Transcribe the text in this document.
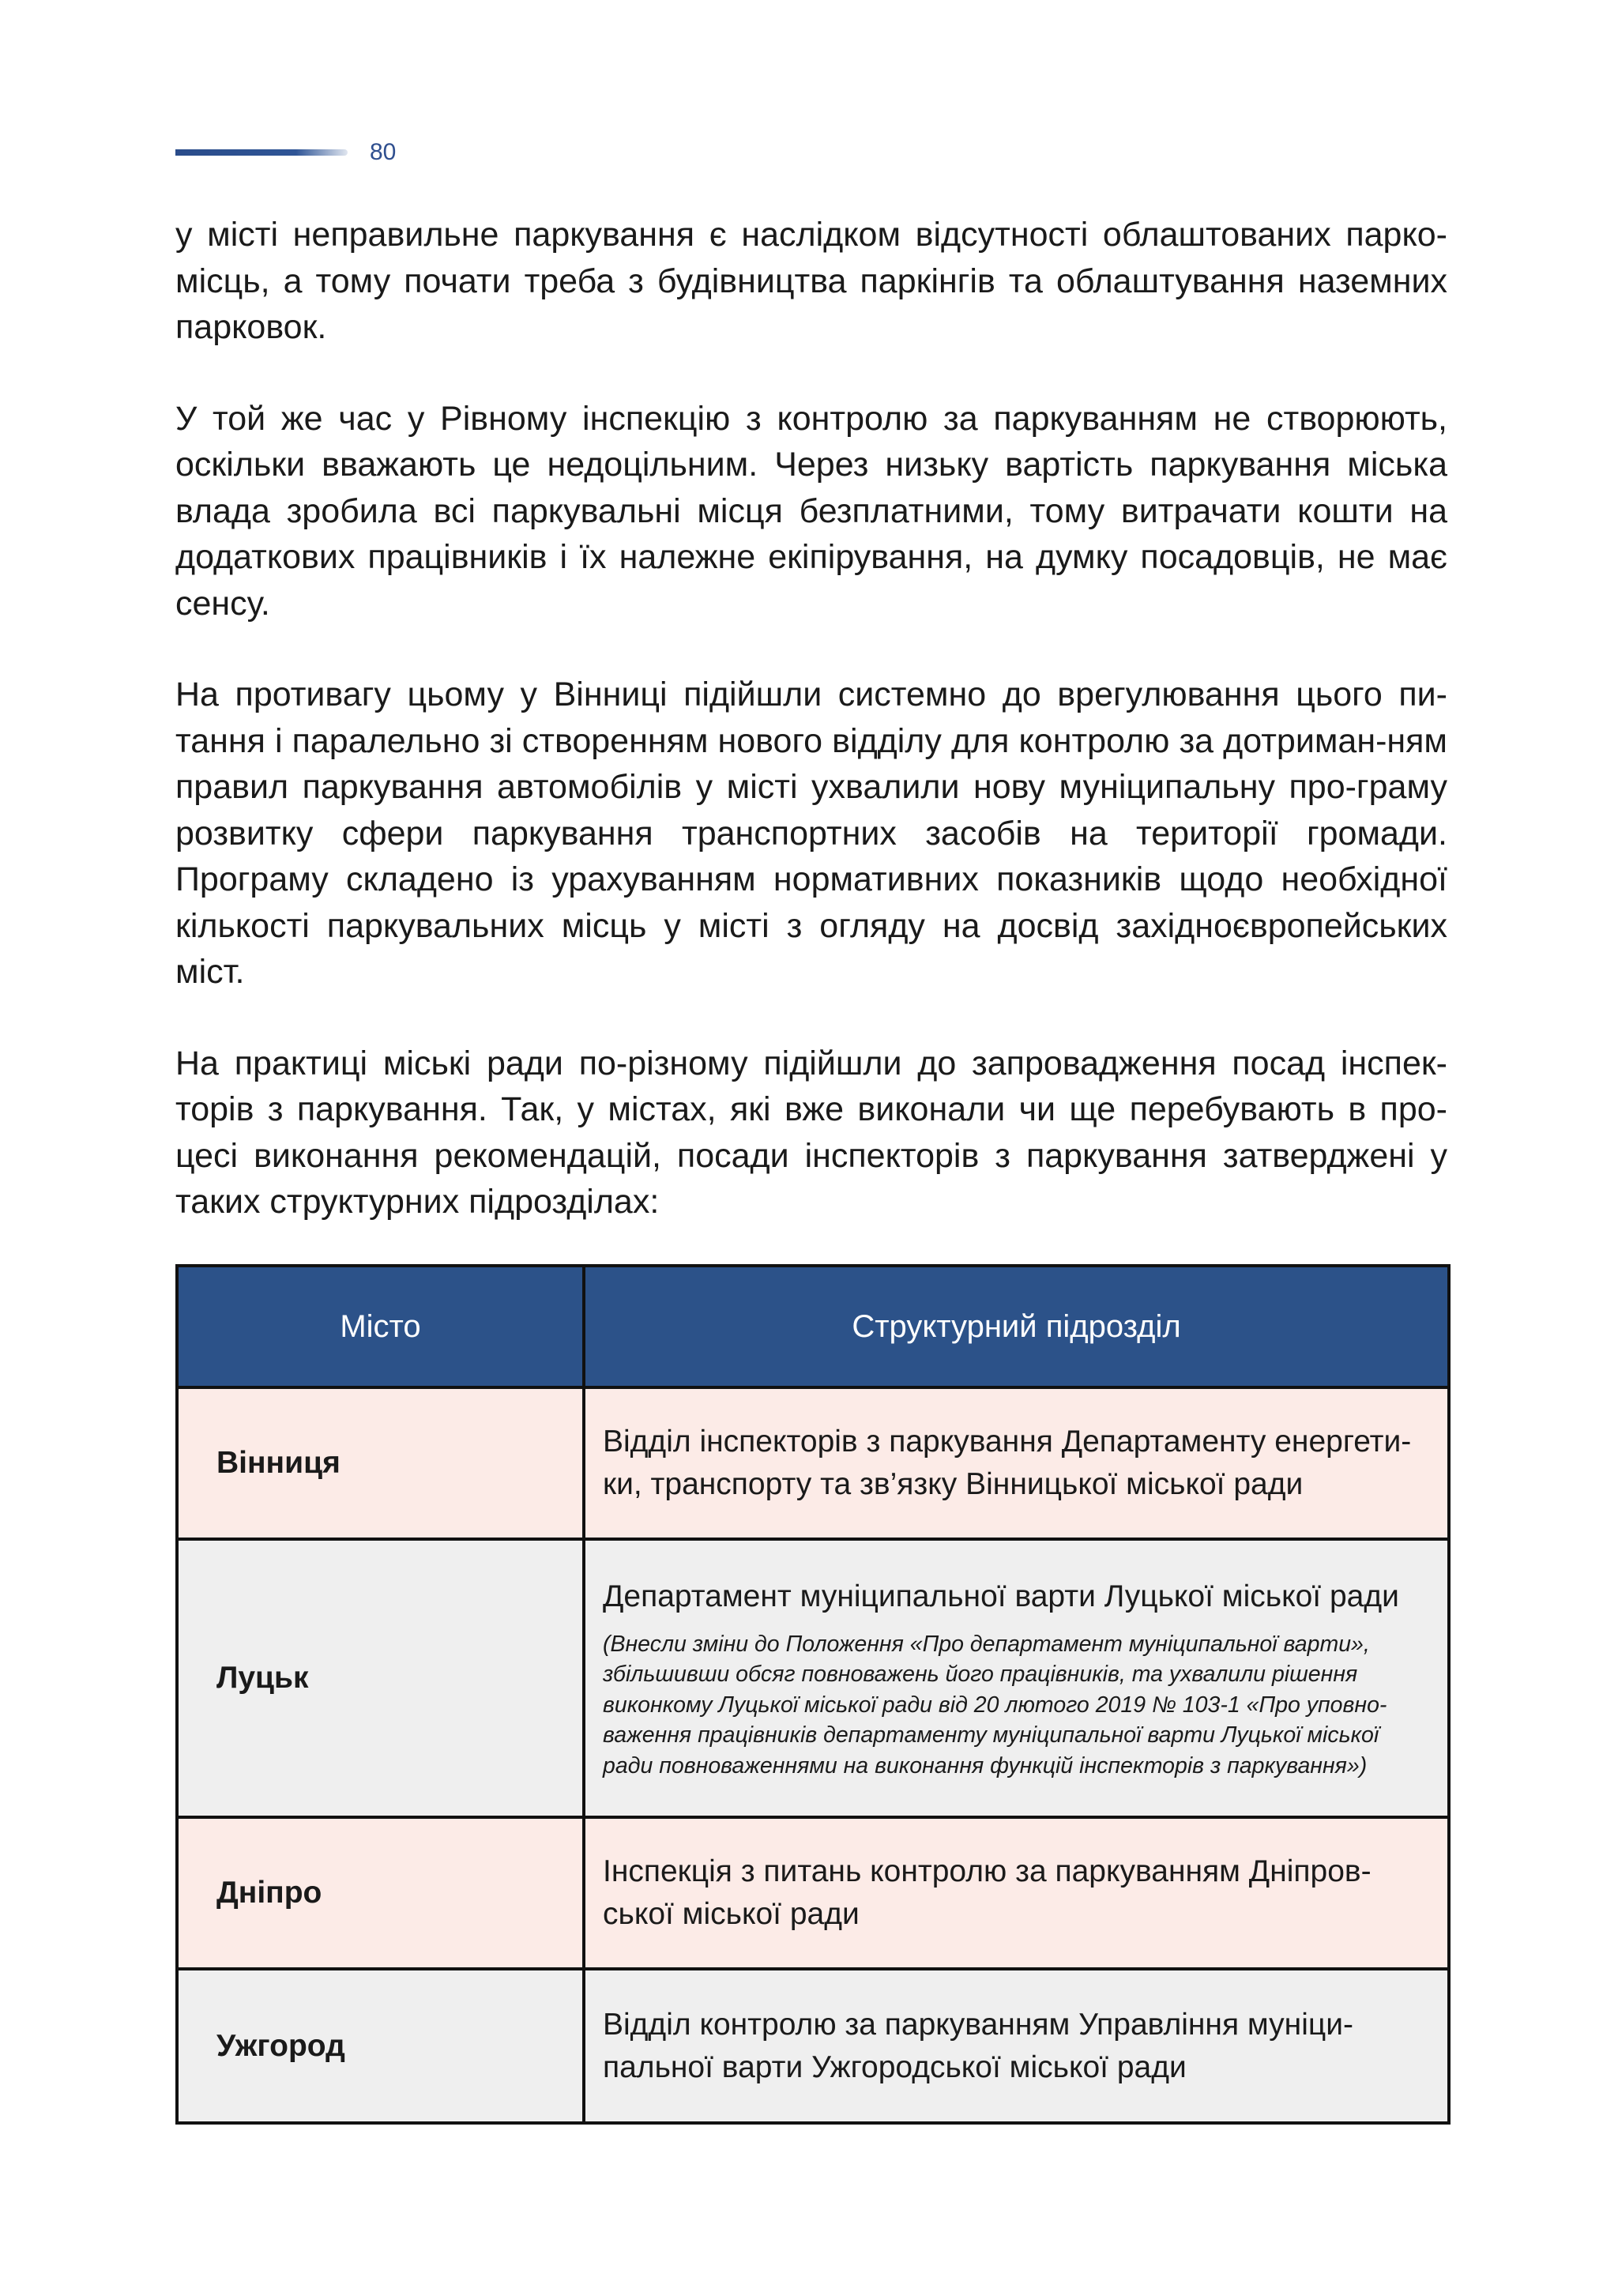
80

у місті неправильне паркування є наслідком відсутності облаштованих парко-місць, а тому почати треба з будівництва паркінгів та облаштування наземних парковок.

У той же час у Рівному інспекцію з контролю за паркуванням не створюють, оскільки вважають це недоцільним. Через низьку вартість паркування міська влада зробила всі паркувальні місця безплатними, тому витрачати кошти на додаткових працівників і їх належне екіпірування, на думку посадовців, не має сенсу.

На противагу цьому у Вінниці підійшли системно до врегулювання цього пи-тання і паралельно зі створенням нового відділу для контролю за дотриман-ням правил паркування автомобілів у місті ухвалили нову муніципальну про-граму розвитку сфери паркування транспортних засобів на території громади. Програму складено із урахуванням нормативних показників щодо необхідної кількості паркувальних місць у місті з огляду на досвід західноєвропейських міст.

На практиці міські ради по-різному підійшли до запровадження посад інспек-торів з паркування. Так, у містах, які вже виконали чи ще перебувають в про-цесі виконання рекомендацій, посади інспекторів з паркування затверджені у таких структурних підрозділах:

Місто	Структурний підрозділ
Вінниця	Відділ інспекторів з паркування Департаменту енергети-ки, транспорту та зв’язку Вінницької міської ради

Луцьк	Департамент муніципальної варти Луцької міської ради
(Внесли зміни до Положення «Про департамент муніципальної варти», збільшивши обсяг повноважень його працівників, та ухвалили рішення виконкому Луцької міської ради від 20 лютого 2019 № 103-1 «Про уповно-важення працівників департаменту муніципальної варти Луцької міської ради повноваженнями на виконання функцій інспекторів з паркування»)

Дніпро	Інспекція з питань контролю за паркуванням Дніпров-ської міської ради

Ужгород	Відділ контролю за паркуванням Управління муніци-пальної варти Ужгородської міської ради
